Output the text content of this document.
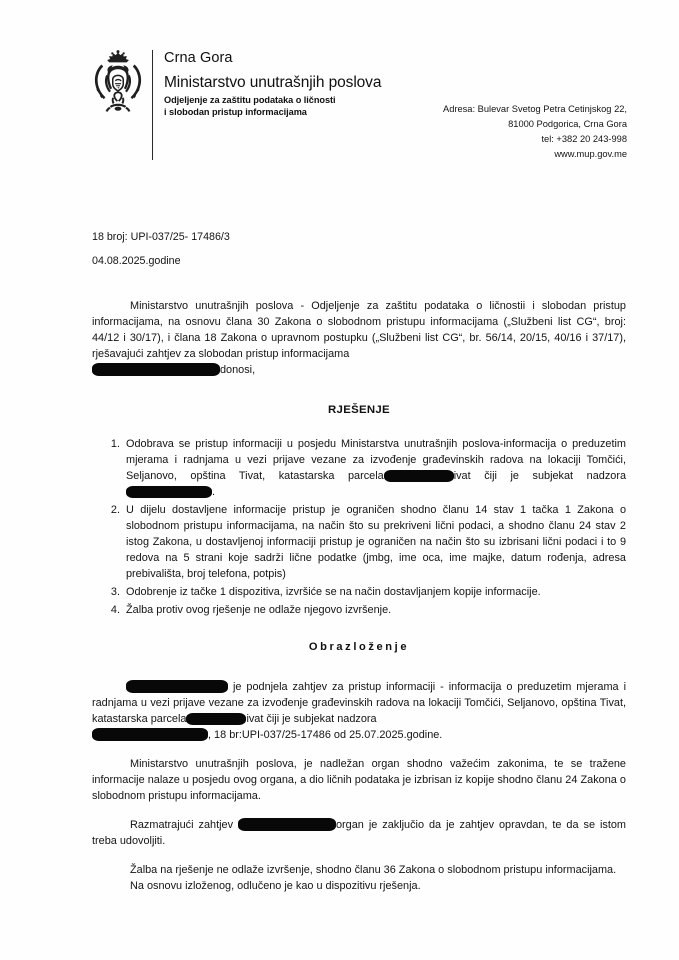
Crna Gora
Ministarstvo unutrašnjih poslova
Odjeljenje za zaštitu podataka o ličnosti
i slobodan pristup informacijama	Adresa: Bulevar Svetog Petra Cetinjskog 22,
81000 Podgorica, Crna Gora
tel: +382 20 243-998
www.mup.gov.me
18 broj: UPI-037/25- 17486/3
04.08.2025.godine

Ministarstvo unutrašnjih poslova - Odjeljenje za zaštitu podataka o ličnostii i slobodan pristup informacijama, na osnovu člana 30 Zakona o slobodnom pristupu informacijama („Službeni list CG“, broj: 44/12 i 30/17), i člana 18 Zakona o upravnom postupku („Službeni list CG“, br. 56/14, 20/15, 40/16 i 37/17), rješavajući zahtjev za slobodan pristup informacijama
donosi,

RJEŠENJE

Odobrava se pristup informaciji u posjedu Ministarstva unutrašnjih poslova-informacija o preduzetim mjerama i radnjama u vezi prijave vezane za izvođenje građevinskih radova na lokaciji Tomčići, Seljanovo, opština Tivat, katastarska parcela	ivat čiji je subjekat nadzora .
U dijelu dostavljene informacije pristup je ograničen shodno članu 14 stav 1 tačka 1 Zakona o slobodnom pristupu informacijama, na način što su prekriveni lični podaci, a shodno članu 24 stav 2 istog Zakona, u dostavljenoj informaciji pristup je ograničen na način što su izbrisani lični podaci i to 9 redova na 5 strani koje sadrži lične podatke (jmbg, ime oca, ime majke, datum rođenja, adresa prebivališta, broj telefona, potpis)
Odobrenje iz tačke 1 dispozitiva, izvršiće se na način dostavljanjem kopije informacije.
Žalba protiv ovog rješenje ne odlaže njegovo izvršenje.

Obrazloženje

je podnjela zahtjev za pristup informaciji - informacija o preduzetim mjerama i radnjama u vezi prijave vezane za izvođenje građevinskih radova na lokaciji Tomčići, Seljanovo, opština Tivat, katastarska parcela	ivat čiji je subjekat nadzora
, 18 br:UPI-037/25-17486 od 25.07.2025.godine.

Ministarstvo unutrašnjih poslova, je nadležan organ shodno važećim zakonima, te se tražene informacije nalaze u posjedu ovog organa, a dio ličnih podataka je izbrisan iz kopije shodno članu 24 Zakona o slobodnom pristupu informacijama.

Razmatrajući zahtjev	organ je zaključio da je zahtjev opravdan, te da se istom treba udovoljiti.

Žalba na rješenje ne odlaže izvršenje, shodno članu 36 Zakona o slobodnom pristupu informacijama.

Na osnovu izloženog, odlučeno je kao u dispozitivu rješenja.
